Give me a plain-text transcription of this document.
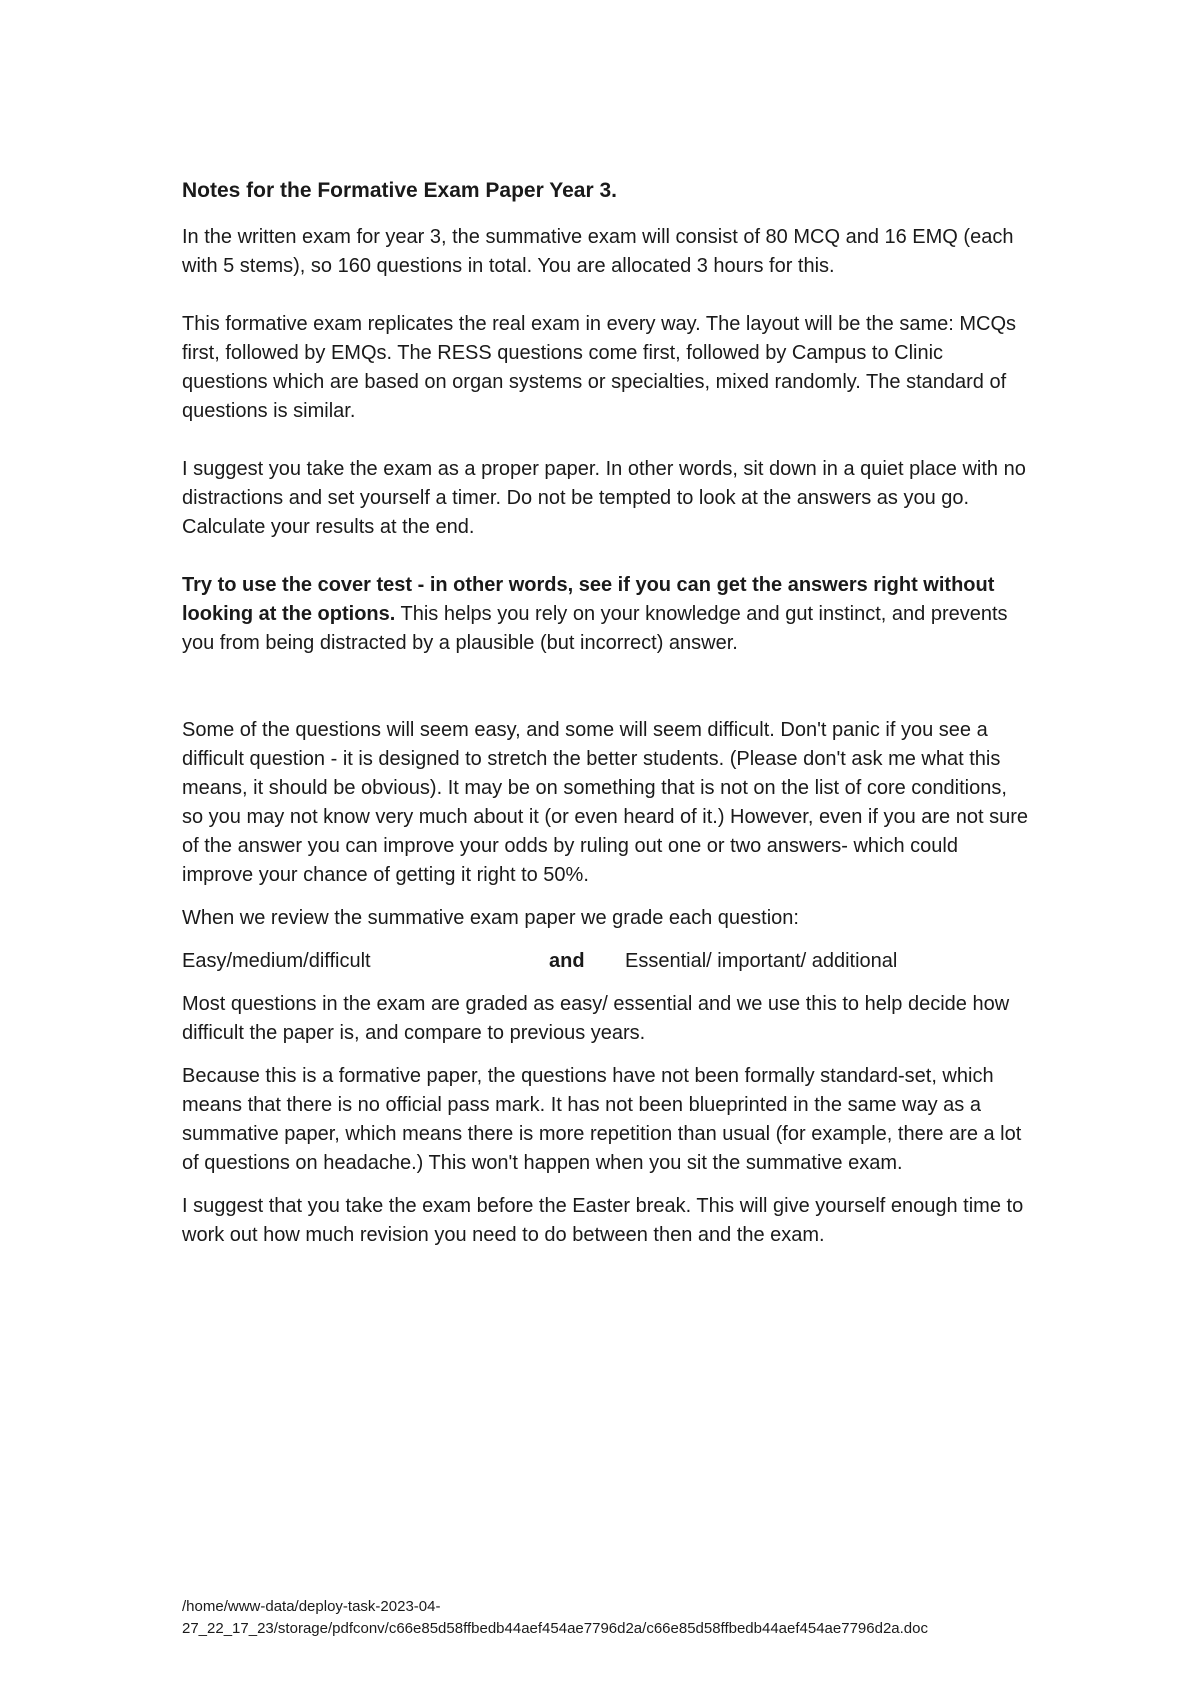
Notes for the Formative Exam Paper Year 3.

In the written exam for year 3, the summative exam will consist of 80 MCQ and 16 EMQ (each with 5 stems), so 160 questions in total. You are allocated 3 hours for this.

This formative exam replicates the real exam in every way. The layout will be the same: MCQs first, followed by EMQs. The RESS questions come first, followed by Campus to Clinic questions which are based on organ systems or specialties, mixed randomly. The standard of questions is similar.

I suggest you take the exam as a proper paper. In other words, sit down in a quiet place with no distractions and set yourself a timer. Do not be tempted to look at the answers as you go. Calculate your results at the end.

Try to use the cover test - in other words, see if you can get the answers right without looking at the options. This helps you rely on your knowledge and gut instinct, and prevents you from being distracted by a plausible (but incorrect) answer.

Some of the questions will seem easy, and some will seem difficult. Don't panic if you see a difficult question - it is designed to stretch the better students. (Please don't ask me what this means, it should be obvious). It may be on something that is not on the list of core conditions, so you may not know very much about it (or even heard of it.) However, even if you are not sure of the answer you can improve your odds by ruling out one or two answers- which could improve your chance of getting it right to 50%.

When we review the summative exam paper we grade each question:

Easy/medium/difficult	and	Essential/ important/ additional

Most questions in the exam are graded as easy/ essential and we use this to help decide how difficult the paper is, and compare to previous years.

Because this is a formative paper, the questions have not been formally standard-set, which means that there is no official pass mark. It has not been blueprinted in the same way as a summative paper, which means there is more repetition than usual (for example, there are a lot of questions on headache.) This won't happen when you sit the summative exam.

I suggest that you take the exam before the Easter break. This will give yourself enough time to work out how much revision you need to do between then and the exam.

/home/www-data/deploy-task-2023-04-
27_22_17_23/storage/pdfconv/c66e85d58ffbedb44aef454ae7796d2a/c66e85d58ffbedb44aef454ae7796d2a.doc
